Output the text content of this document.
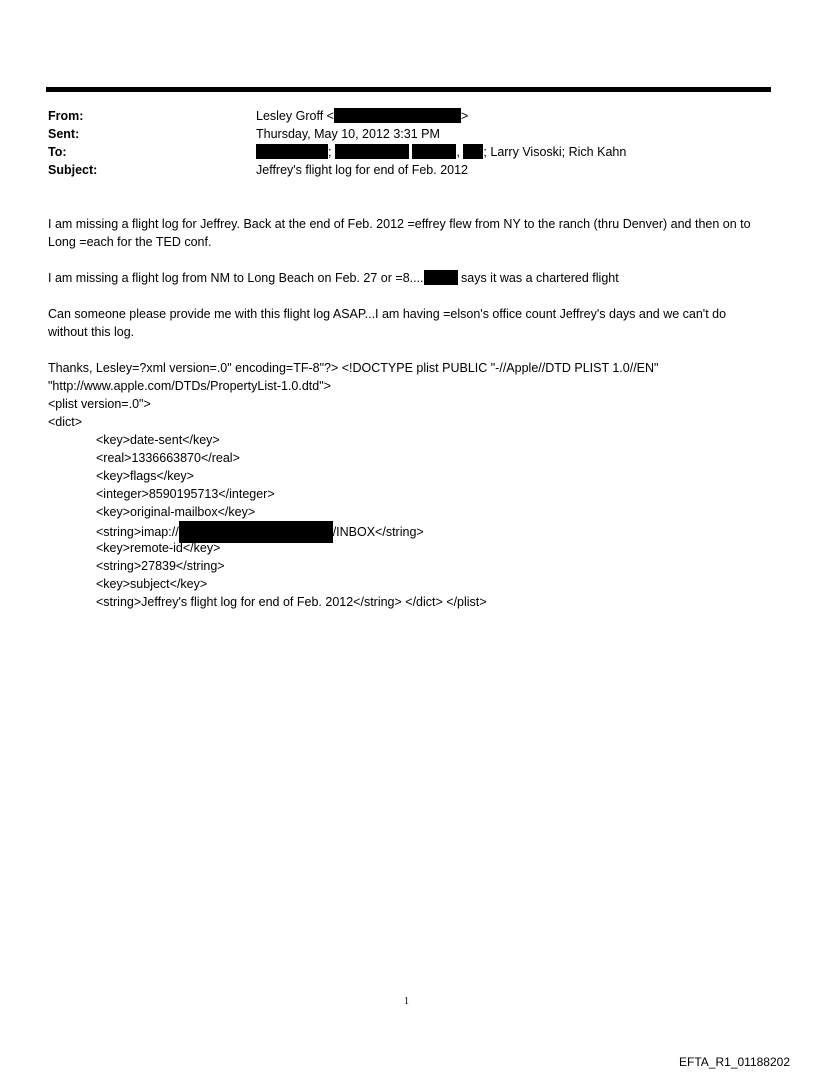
From:	Lesley Groff <	>
Sent:	Thursday, May 10, 2012 3:31 PM
To:	;	, ; Larry Visoski; Rich Kahn
Subject:	Jeffrey's flight log for end of Feb. 2012

I am missing a flight log for Jeffrey. Back at the end of Feb. 2012 =effrey flew from NY to the ranch (thru Denver) and then on to Long =each for the TED conf.

I am missing a flight log from NM to Long Beach on Feb. 27 or =8....	says it was a chartered flight

Can someone please provide me with this flight log ASAP...I am having =elson's office count Jeffrey's days and we can't do without this log.

Thanks, Lesley=?xml version=.0" encoding=TF-8"?> <!DOCTYPE plist PUBLIC "-//Apple//DTD PLIST 1.0//EN"
"http://www.apple.com/DTDs/PropertyList-1.0.dtd">
<plist version=.0">
<dict>
<key>date-sent</key>
<real>1336663870</real>
<key>flags</key>
<integer>8590195713</integer>
<key>original-mailbox</key>
<string>imap://	/INBOX</string>
<key>remote-id</key>
<string>27839</string>
<key>subject</key>
<string>Jeffrey's flight log for end of Feb. 2012</string> </dict> </plist>
1
EFTA_R1_01188202
